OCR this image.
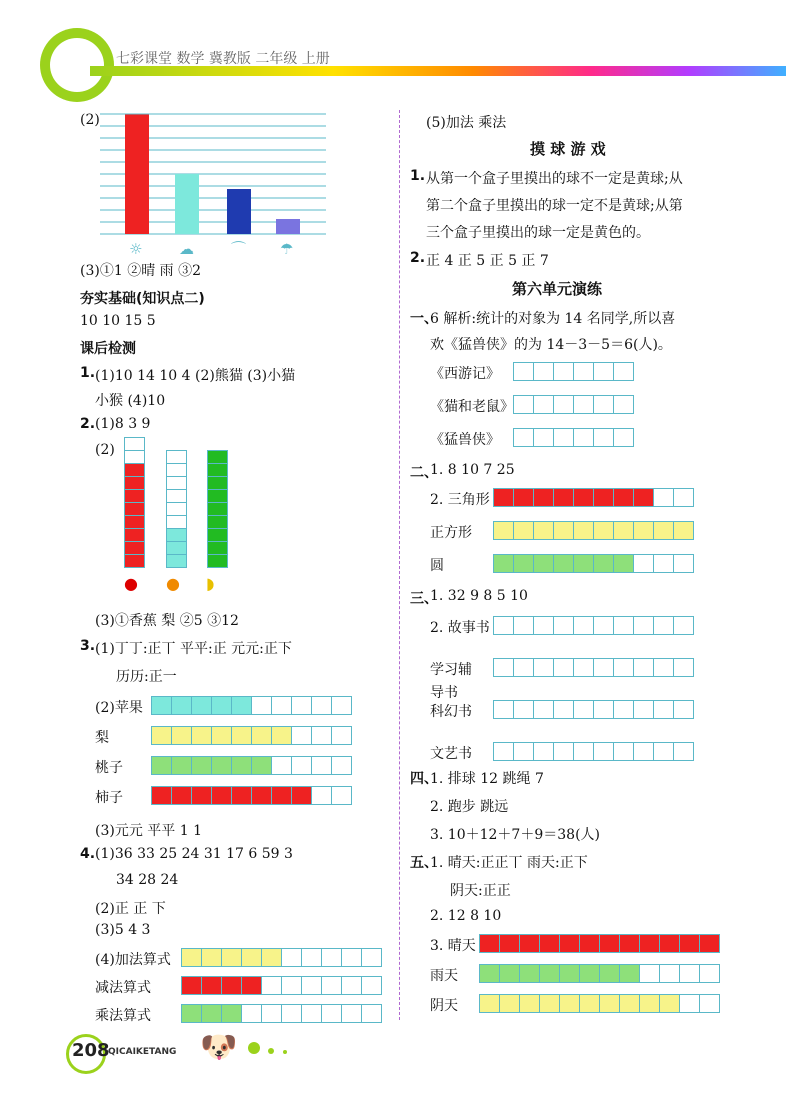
七彩课堂 数学 冀教版 二年级 上册
(2)
☼ ☁ ⌒ ☂
(3)①1 ②晴 雨 ③2
夯实基础(知识点二)
10 10 15 5
课后检测
1. (1)10 14 10 4 (2)熊猫 (3)小猫
小猴 (4)10
2. (1)8 3 9
(2)
● ● ◗
(3)①香蕉 梨 ②5 ③12
3. (1)丁丁:正丅 平平:正 元元:正下
历历:正一
(2)苹果
梨
桃子
柿子
(3)元元 平平 1 1
4. (1)36 33 25 24 31 17 6 59 3
34 28 24
(2)正 正 下
(3)5 4 3
(4)加法算式
减法算式
乘法算式
(5)加法 乘法
摸 球 游 戏
1. 从第一个盒子里摸出的球不一定是黄球;从
第二个盒子里摸出的球一定不是黄球;从第
三个盒子里摸出的球一定是黄色的。
2. 正 4 正 5 正 5 正 7
第六单元演练
一、
6 解析:统计的对象为 14 名同学,所以喜
欢《猛兽侠》的为 14－3－5＝6(人)。
《西游记》
《猫和老鼠》
《猛兽侠》
二、
1. 8 10 7 25
2. 三角形
正方形
圆
三、
1. 32 9 8 5 10
2. 故事书
学习辅
导书
科幻书
文艺书
四、
1. 排球 12 跳绳 7
2. 跑步 跳远
3. 10＋12＋7＋9＝38(人)
五、
1. 晴天:正正丅 雨天:正下
阴天:正正
2. 12 8 10
3. 晴天
雨天
阴天
208
QICAIKETANG 🐶
